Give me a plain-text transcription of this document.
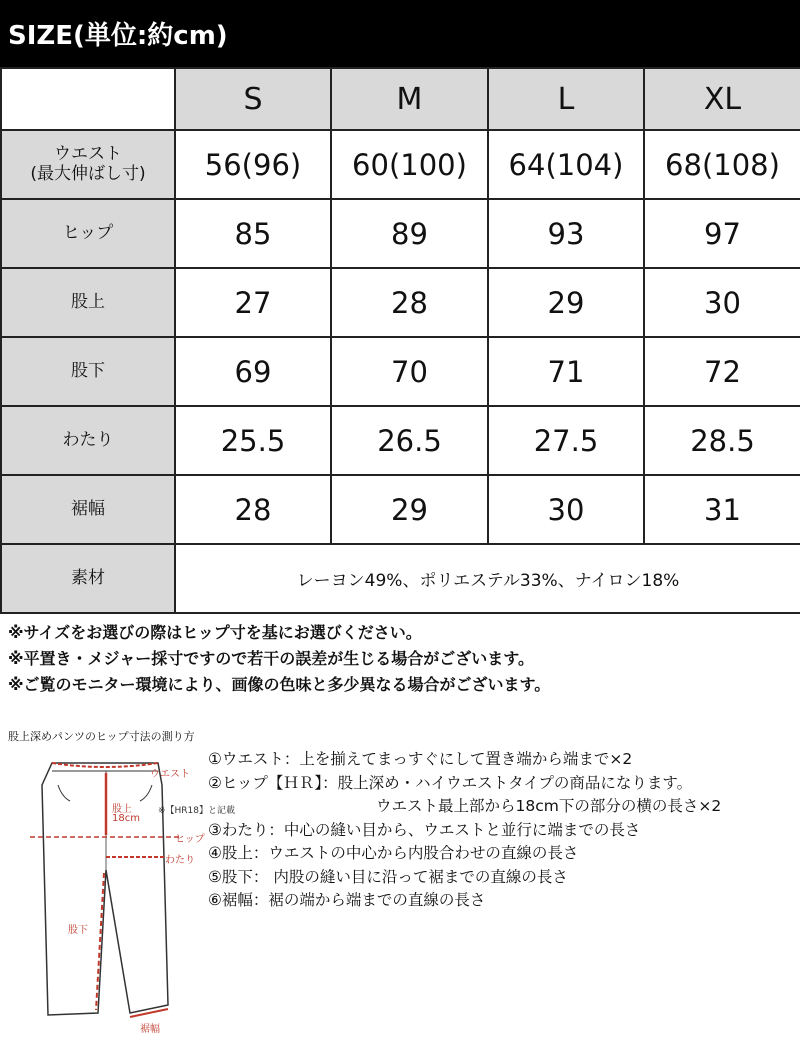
SIZE(単位:約cm)
	S	M	L	XL

ウエスト
(最大伸ばし寸)	56(96)	60(100)	64(104)	68(108)
ヒップ	85	89	93	97
股上	27	28	29	30
股下	69	70	71	72
わたり	25.5	26.5	27.5	28.5
裾幅	28	29	30	31
素材	レーヨン49%、ポリエステル33%、ナイロン18%			
※サイズをお選びの際はヒップ寸を基にお選びください。
※平置き・メジャー採寸ですので若干の誤差が生じる場合がございます。
※ご覧のモニター環境により、画像の色味と多少異なる場合がございます。
股上深めパンツのヒップ寸法の測り方
ウエスト
股上
18cm
※【HR18】と記載
ヒップ
わたり
股下
裾幅
①ウエスト：上を揃えてまっすぐにして置き端から端まで×2
②ヒップ【ＨＲ】：股上深め・ハイウエストタイプの商品になります。
ウエスト最上部から18cm下の部分の横の長さ×2
③わたり：中心の縫い目から、ウエストと並行に端までの長さ
④股上：ウエストの中心から内股合わせの直線の長さ
⑤股下： 内股の縫い目に沿って裾までの直線の長さ
⑥裾幅：裾の端から端までの直線の長さ
